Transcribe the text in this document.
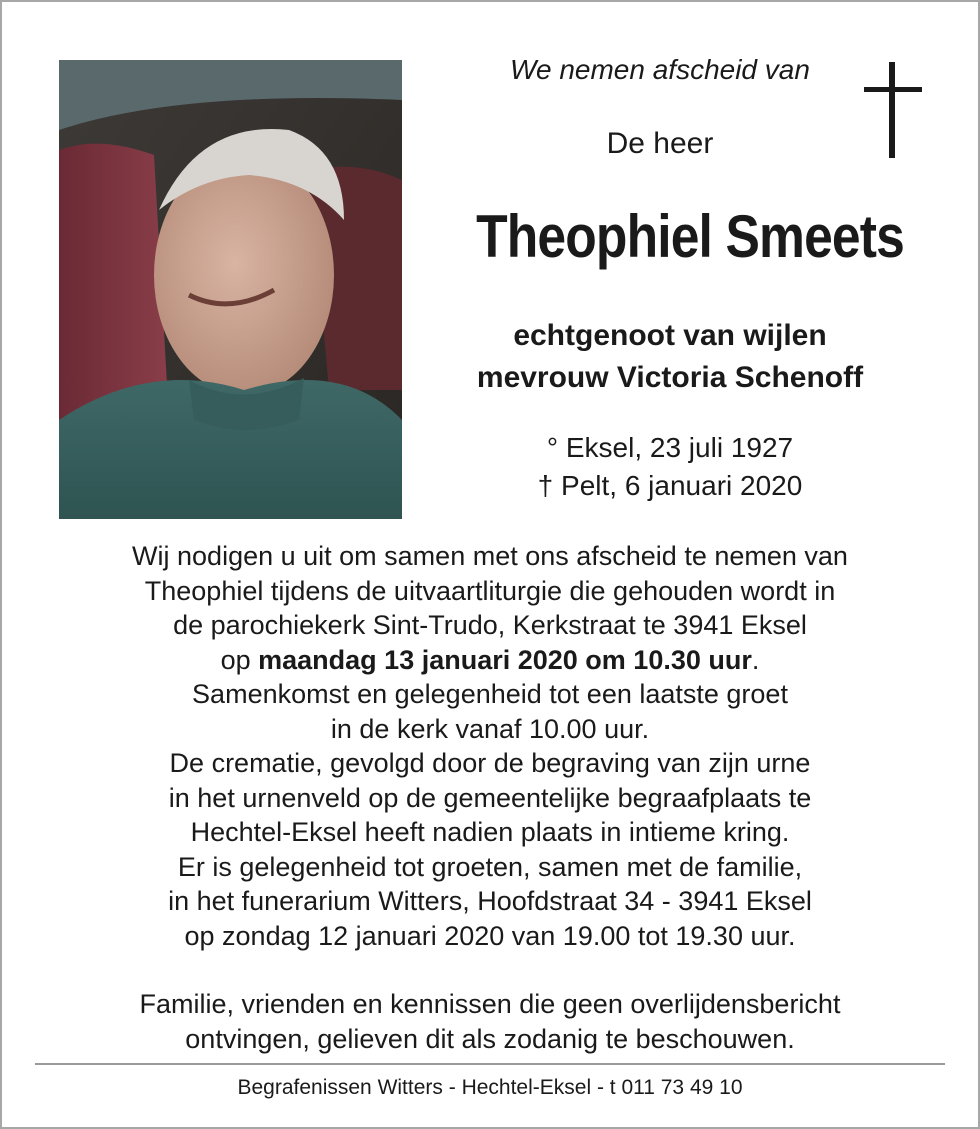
We nemen afscheid van
De heer
Theophiel Smeets
echtgenoot van wijlen
mevrouw Victoria Schenoff
° Eksel, 23 juli 1927
† Pelt, 6 januari 2020
Wij nodigen u uit om samen met ons afscheid te nemen van
Theophiel tijdens de uitvaartliturgie die gehouden wordt in
de parochiekerk Sint-Trudo, Kerkstraat te 3941 Eksel
op maandag 13 januari 2020 om 10.30 uur.
Samenkomst en gelegenheid tot een laatste groet
in de kerk vanaf 10.00 uur.
De crematie, gevolgd door de begraving van zijn urne
in het urnenveld op de gemeentelijke begraafplaats te
Hechtel-Eksel heeft nadien plaats in intieme kring.
Er is gelegenheid tot groeten, samen met de familie,
in het funerarium Witters, Hoofdstraat 34 - 3941 Eksel
op zondag 12 januari 2020 van 19.00 tot 19.30 uur.
Familie, vrienden en kennissen die geen overlijdensbericht
ontvingen, gelieven dit als zodanig te beschouwen.
Begrafenissen Witters - Hechtel-Eksel - t 011 73 49 10
